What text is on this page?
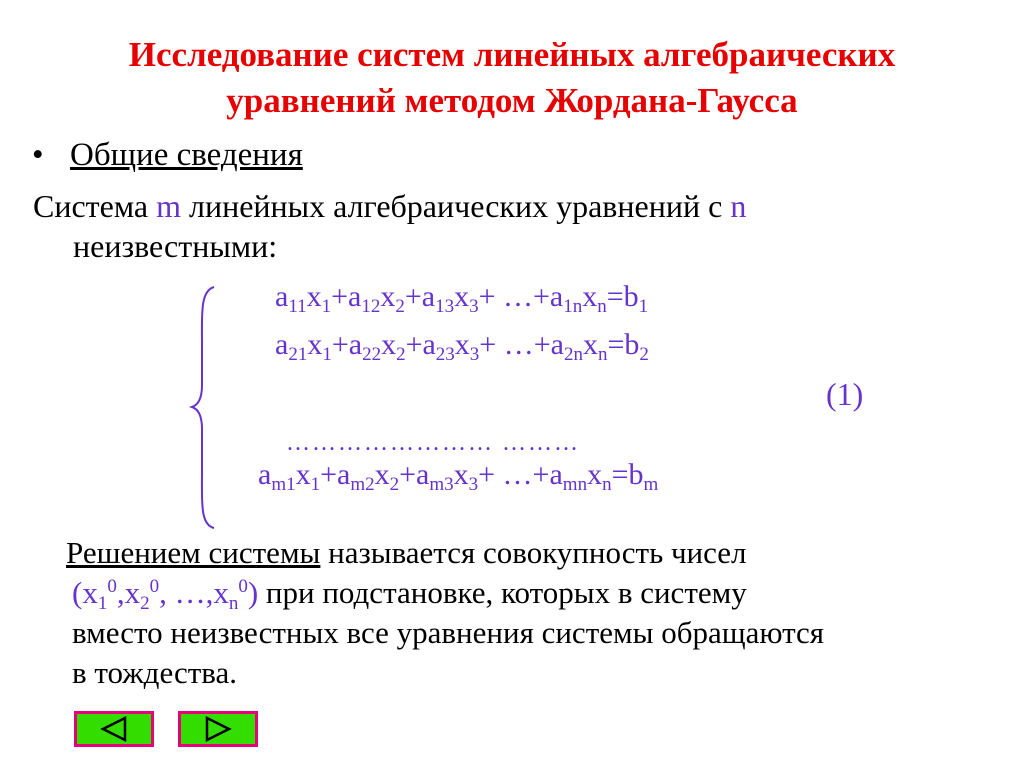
Исследование систем линейных алгебраических
уравнений методом Жордана-Гаусса
• Общие сведения
Система m линейных алгебраических уравнений с n
неизвестными:
$a_{11}x_1+a_{12}x_2+a_{13}x_3+$ $\dots+a_{1n}x_n=b_1$
$a_{21}x_1+a_{22}x_2+a_{23}x_3+$ $\dots+a_{2n}x_n=b_2$
(1)
…………………… ………
$a_{m1}x_1+a_{m2}x_2+a_{m3}x_3+$ $\dots+a_{mn}x_n=b_m$
Решением системы называется совокупность чисел
($x_1^0,x_2^0$, $\dots,x_n^0$) при подстановке, которых в систему
вместо неизвестных все уравнения системы обращаются
в тождества.
